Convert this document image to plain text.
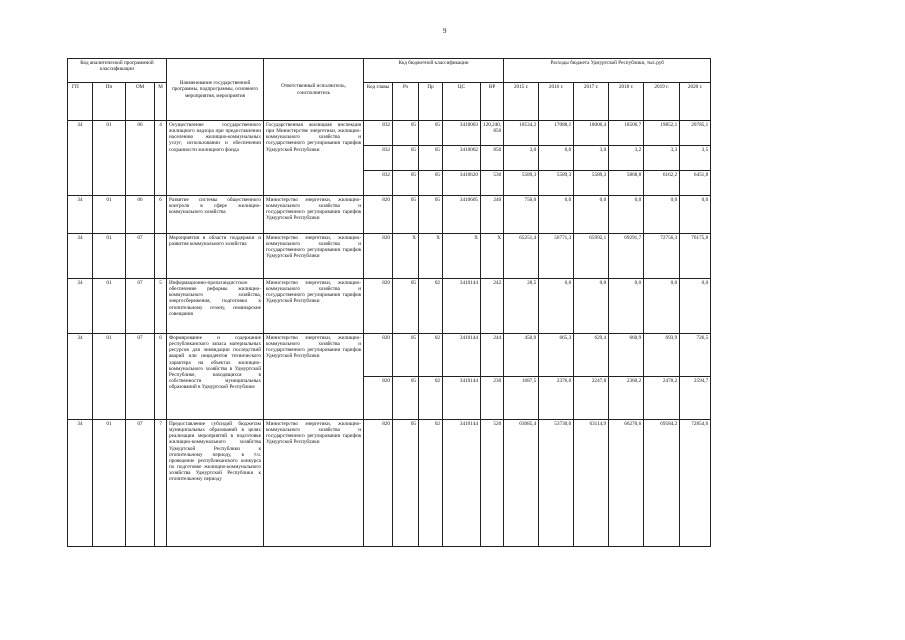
9
Код аналитической программной классификации				Наименование государственной программы, подпрограммы, основного мероприятия, мероприятия	Ответственный исполнитель, соисполнитель	Код бюджетной классификации					Расходы бюджета Удмуртской Республики, тыс.руб					
ГП	Пп	ОМ	М			Код главы	Рз	Пр	ЦС	ВР	2015 г.	2016 г.	2017 г.	2018 г.	2019 г.	2020 г.
34	01	06	4	Осуществление государственного жилищного надзора при предоставлении населению жилищно-коммунальных услуг, использовании и обеспечении сохранности жилищного фонда	Государственная жилищная инспекция при Министерстве энергетики, жилищно-коммунального хозяйства и государственного регулирования тарифов Удмуртской Республики	832	05	05	3410003	120,240, 850	18534,2	17088,1	18006,4	18506,7	19852,1	20785,1
						832	05	05	3410062	850	3,0	0,0	3,0	3,2	3,3	3,5
						832	05	05	3410620	530	5589,3	5589,3	5589,3	5868,8	6162,2	6451,8
34	01	06	6	Развитие системы общественного контроля в сфере жилищно-коммунального хозяйства	Министерство энергетики, жилищно-коммунального хозяйства и государственного регулирования тарифов Удмуртской Республики	820	05	05	3410605	240	750,0	0,0	0,0	0,0	0,0	0,0
34	01	07		Мероприятия в области поддержки и развития коммунального хозяйства	Министерство энергетики, жилищно-коммунального хозяйства и государственного регулирования тарифов Удмуртской Республики	820	X	X	X	X	65251,4	56771,3	65992,1	69291,7	72756,3	76175,8
34	01	07	5	Информационно-пропагандистское обеспечение реформы жилищно-коммунального хозяйства, энергосбережения, подготовки к отопительному сезону, семинарские совещания	Министерство энергетики, жилищно-коммунального хозяйства и государственного регулирования тарифов Удмуртской Республики	820	05	02	3410144	242	28,5	0,0	0,0	0,0	0,0	0,0
34	01	07	6	Формирование и содержание республиканского запаса материальных ресурсов для ликвидации последствий аварий или инцидентов технического характера на объектах жилищно-коммунального хозяйства в Удмуртской Республике, находящихся в собственности муниципальных образований в Удмуртской Республике	Министерство энергетики, жилищно-коммунального хозяйства и государственного регулирования тарифов Удмуртской Республики	820	05	02	3410144	244	450,0	665,3	629,4	660,9	693,9	726,5
						820	05	02	3410144	230	1687,5	2376,0	2247,8	2360,2	2478,2	2594,7
34	01	07	7	Предоставление субсидий бюджетам муниципальных образований в целях реализации мероприятий в подготовке жилищно-коммунального хозяйства Удмуртской Республики к отопительному периоду, в т.ч. проведение республиканского конкурса по подготовке жилищно-коммунального хозяйства Удмуртской Республики к отопительному периоду	Министерство энергетики, жилищно-коммунального хозяйства и государственного регулирования тарифов Удмуртской Республики	820	05	02	3410144	520	63085,4	53730,0	63114,9	66270,6	69584,2	72854,6
